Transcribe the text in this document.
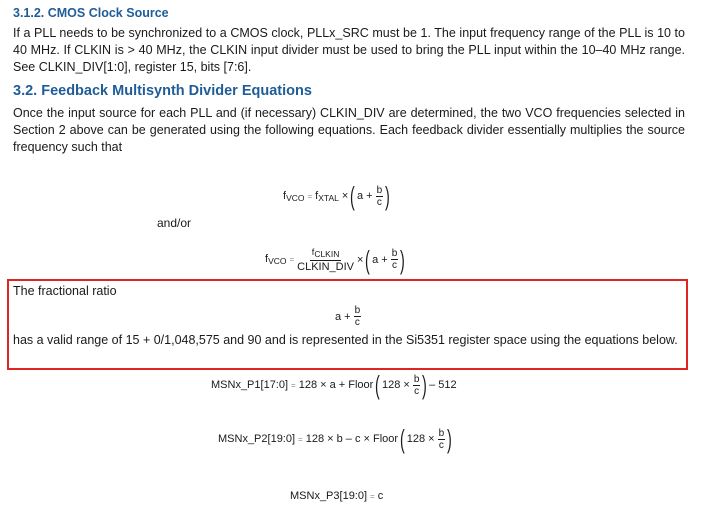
3.1.2. CMOS Clock Source

If a PLL needs to be synchronized to a CMOS clock, PLLx_SRC must be 1. The input frequency range of the PLL is 10 to 40 MHz. If CLKIN is > 40 MHz, the CLKIN input divider must be used to bring the PLL input within the 10–40 MHz range. See CLKIN_DIV[1:0], register 15, bits [7:6].

3.2. Feedback Multisynth Divider Equations

Once the input source for each PLL and (if necessary) CLKIN_DIV are determined, the two VCO frequencies selected in Section 2 above can be generated using the following equations. Each feedback divider essentially multiplies the source frequency such that

$f_{VCO} = f_{XTAL}$ × ( $a + \frac{b}{c}$ )
and/or
$f_{VCO}$ =
fCLKIN
CLKIN_DIV
× ( $a + \frac{b}{c}$ )

The fractional ratio

$a + \frac{b}{c}$

has a valid range of 15 + 0/1,048,575 and 90 and is represented in the Si5351 register space using the equations below.

MSNx_P1[17:0] = 128 × a + Floor ( $128 \times \frac{b}{c}$ ) – 512
MSNx_P2[19:0] = 128 × b – c × Floor ( $128 \times \frac{b}{c}$ )
MSNx_P3[19:0] = c
